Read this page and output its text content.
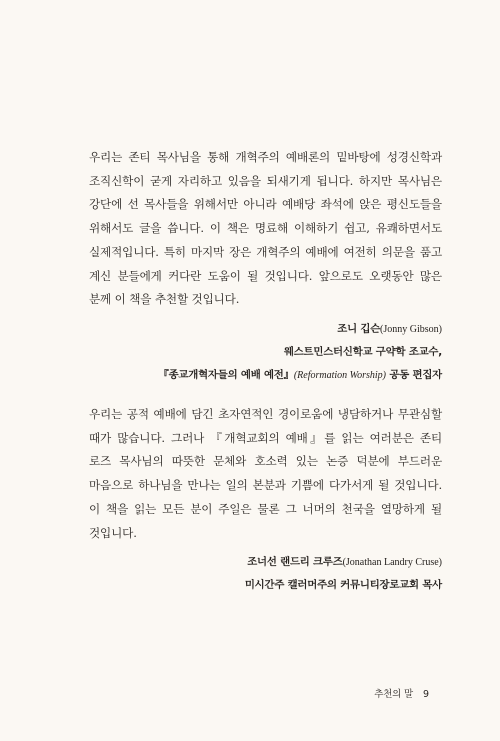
우리는 존티 목사님을 통해 개혁주의 예배론의 밑바탕에 성경신학과 조직신학이 굳게 자리하고 있음을 되새기게 됩니다. 하지만 목사님은 강단에 선 목사들을 위해서만 아니라 예배당 좌석에 앉은 평신도들을 위해서도 글을 씁니다. 이 책은 명료해 이해하기 쉽고, 유쾌하면서도 실제적입니다. 특히 마지막 장은 개혁주의 예배에 여전히 의문을 품고 계신 분들에게 커다란 도움이 될 것입니다. 앞으로도 오랫동안 많은 분께 이 책을 추천할 것입니다.

조니 깁슨(Jonny Gibson)
웨스트민스터신학교 구약학 조교수,
『종교개혁자들의 예배 예전』(Reformation Worship) 공동 편집자

우리는 공적 예배에 담긴 초자연적인 경이로움에 냉담하거나 무관심할 때가 많습니다. 그러나 『개혁교회의 예배』를 읽는 여러분은 존티 로즈 목사님의 따뜻한 문체와 호소력 있는 논증 덕분에 부드러운 마음으로 하나님을 만나는 일의 본분과 기쁨에 다가서게 될 것입니다. 이 책을 읽는 모든 분이 주일은 물론 그 너머의 천국을 열망하게 될 것입니다.

조너선 랜드리 크루즈(Jonathan Landry Cruse)
미시간주 캘러머주의 커뮤니티장로교회 목사
추천의 말 9
